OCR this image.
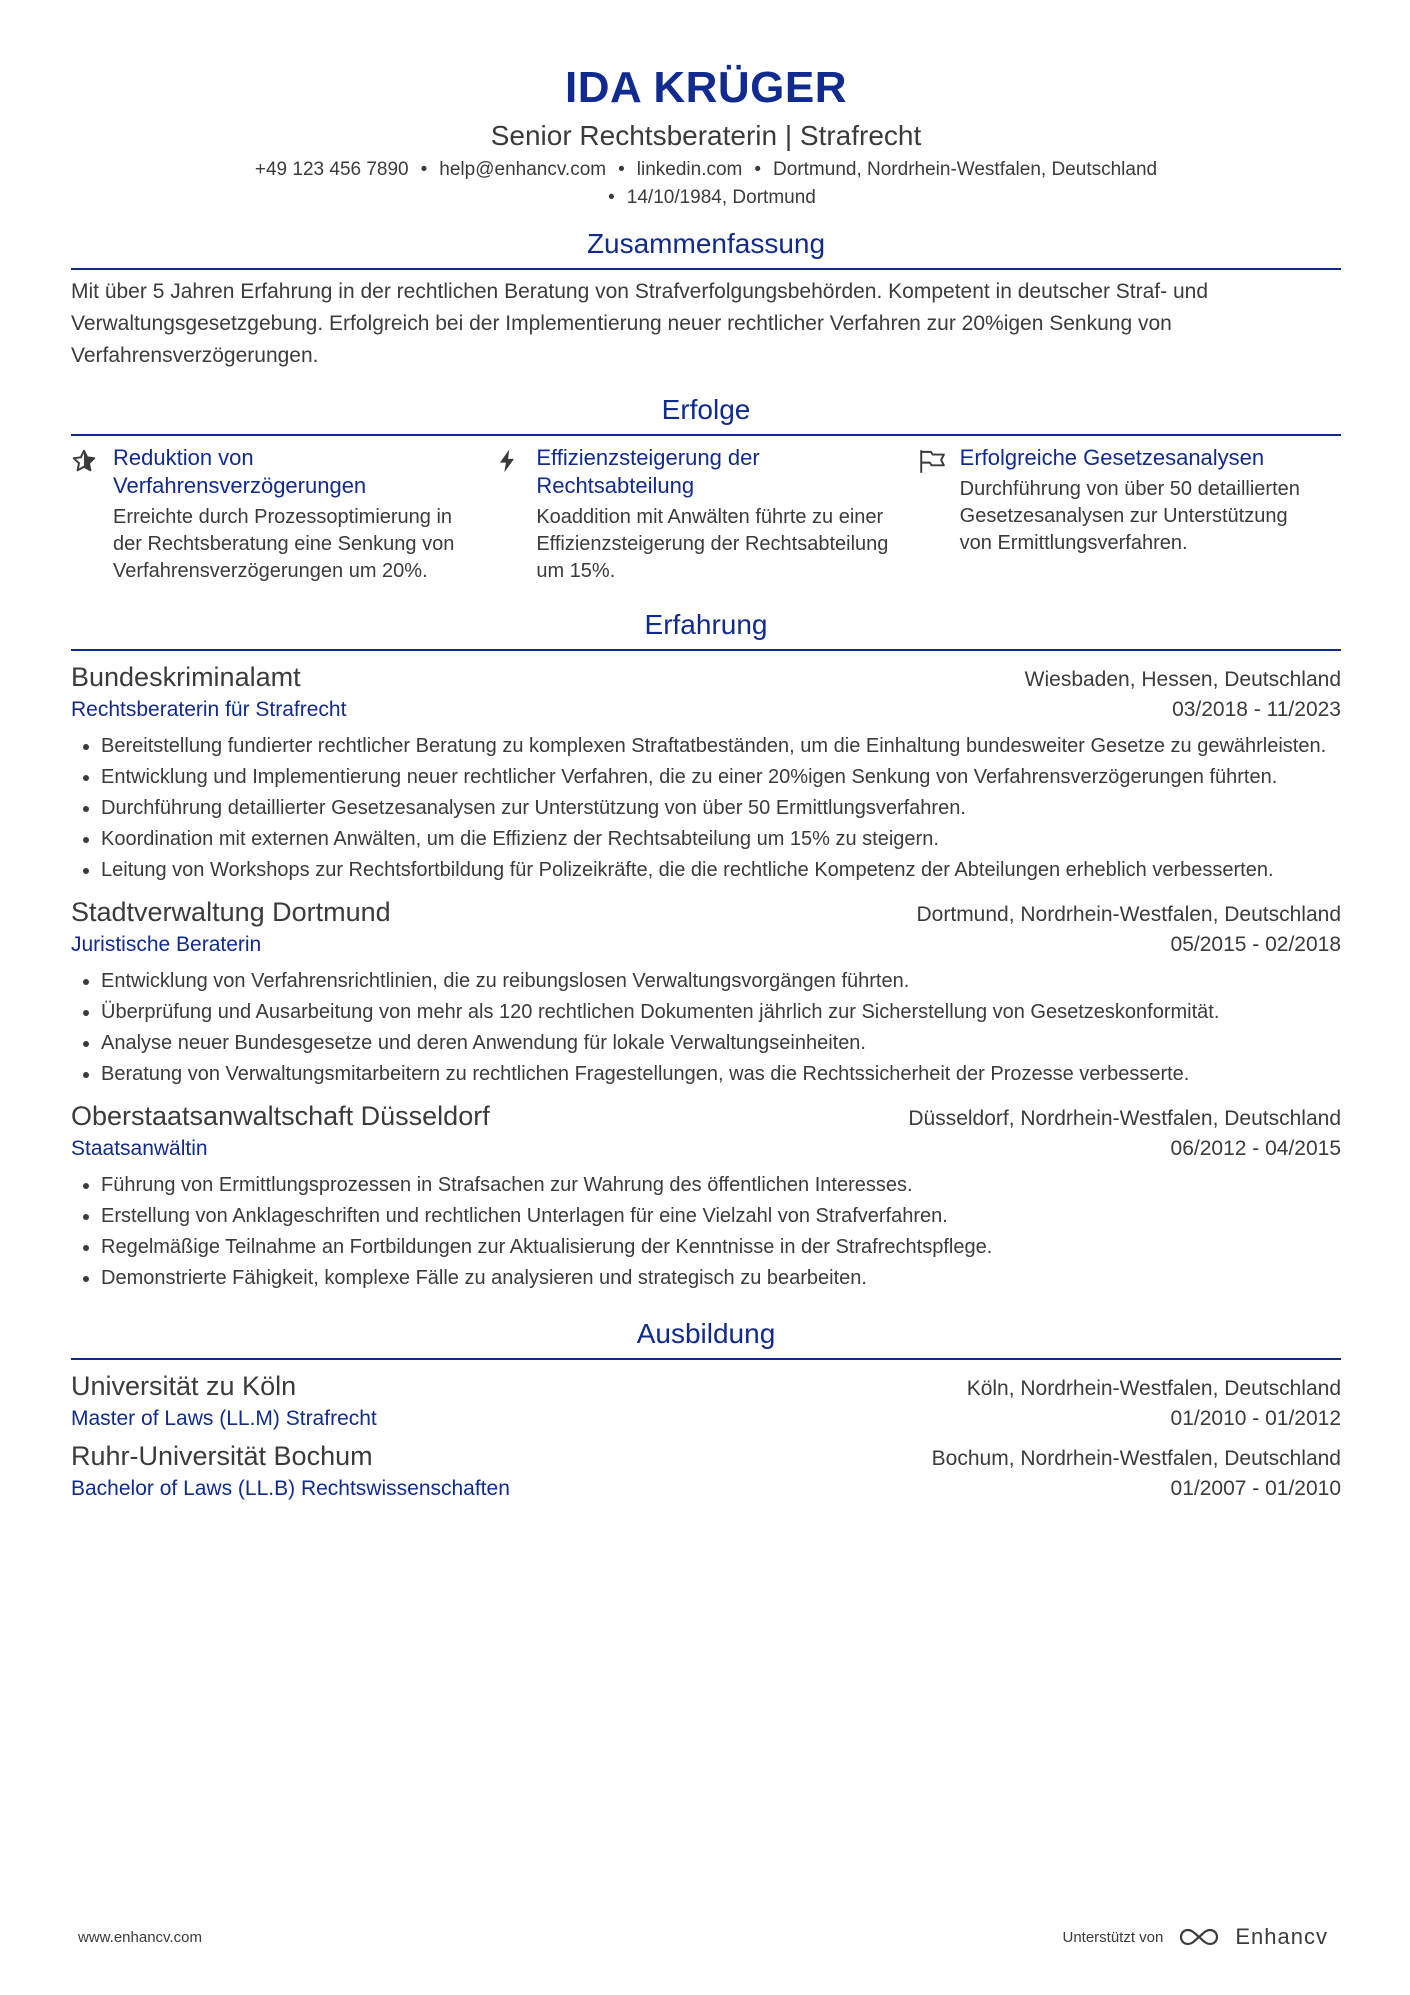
IDA KRÜGER
Senior Rechtsberaterin | Strafrecht
+49 123 456 7890 • help@enhancv.com • linkedin.com • Dortmund, Nordrhein-Westfalen, Deutschland
• 14/10/1984, Dortmund
Zusammenfassung
Mit über 5 Jahren Erfahrung in der rechtlichen Beratung von Strafverfolgungsbehörden. Kompetent in deutscher Straf- und Verwaltungsgesetzgebung. Erfolgreich bei der Implementierung neuer rechtlicher Verfahren zur 20%igen Senkung von Verfahrensverzögerungen.
Erfolge
Reduktion von Verfahrensverzögerungen
Erreichte durch Prozessoptimierung in der Rechtsberatung eine Senkung von Verfahrensverzögerungen um 20%.
Effizienzsteigerung der Rechtsabteilung
Koaddition mit Anwälten führte zu einer Effizienzsteigerung der Rechtsabteilung um 15%.
Erfolgreiche Gesetzesanalysen
Durchführung von über 50 detaillierten Gesetzesanalysen zur Unterstützung von Ermittlungsverfahren.
Erfahrung
Bundeskriminalamt	Wiesbaden, Hessen, Deutschland
Rechtsberaterin für Strafrecht	03/2018 - 11/2023
• Bereitstellung fundierter rechtlicher Beratung zu komplexen Straftatbeständen, um die Einhaltung bundesweiter Gesetze zu gewährleisten.
• Entwicklung und Implementierung neuer rechtlicher Verfahren, die zu einer 20%igen Senkung von Verfahrensverzögerungen führten.
• Durchführung detaillierter Gesetzesanalysen zur Unterstützung von über 50 Ermittlungsverfahren.
• Koordination mit externen Anwälten, um die Effizienz der Rechtsabteilung um 15% zu steigern.
• Leitung von Workshops zur Rechtsfortbildung für Polizeikräfte, die die rechtliche Kompetenz der Abteilungen erheblich verbesserten.
Stadtverwaltung Dortmund	Dortmund, Nordrhein-Westfalen, Deutschland
Juristische Beraterin	05/2015 - 02/2018
• Entwicklung von Verfahrensrichtlinien, die zu reibungslosen Verwaltungsvorgängen führten.
• Überprüfung und Ausarbeitung von mehr als 120 rechtlichen Dokumenten jährlich zur Sicherstellung von Gesetzeskonformität.
• Analyse neuer Bundesgesetze und deren Anwendung für lokale Verwaltungseinheiten.
• Beratung von Verwaltungsmitarbeitern zu rechtlichen Fragestellungen, was die Rechtssicherheit der Prozesse verbesserte.
Oberstaatsanwaltschaft Düsseldorf	Düsseldorf, Nordrhein-Westfalen, Deutschland
Staatsanwältin	06/2012 - 04/2015
• Führung von Ermittlungsprozessen in Strafsachen zur Wahrung des öffentlichen Interesses.
• Erstellung von Anklageschriften und rechtlichen Unterlagen für eine Vielzahl von Strafverfahren.
• Regelmäßige Teilnahme an Fortbildungen zur Aktualisierung der Kenntnisse in der Strafrechtspflege.
• Demonstrierte Fähigkeit, komplexe Fälle zu analysieren und strategisch zu bearbeiten.
Ausbildung
Universität zu Köln	Köln, Nordrhein-Westfalen, Deutschland
Master of Laws (LL.M) Strafrecht	01/2010 - 01/2012
Ruhr-Universität Bochum	Bochum, Nordrhein-Westfalen, Deutschland
Bachelor of Laws (LL.B) Rechtswissenschaften	01/2007 - 01/2010
www.enhancv.com	Unterstützt von	Enhancv
